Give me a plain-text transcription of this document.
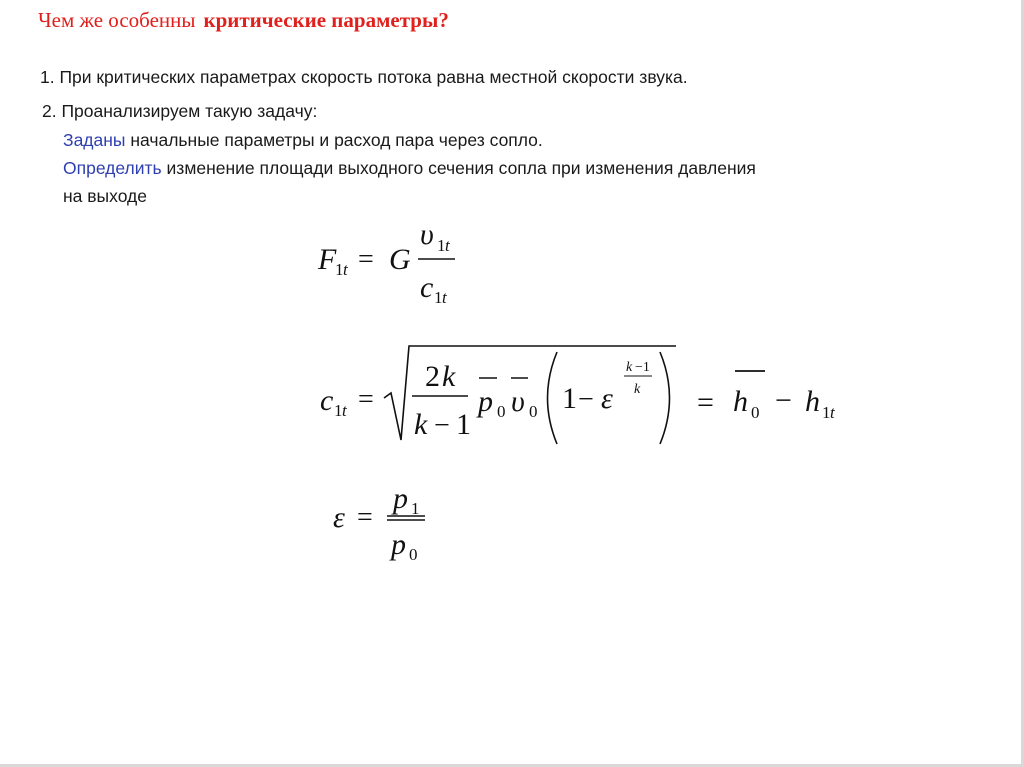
Чем же особенны критические параметры?
1. При критических параметрах скорость потока равна местной скорости звука.
2. Проанализируем такую задачу:
Заданы начальные параметры и расход пара через сопло.
Определить изменение площади выходного сечения сопла при изменения давления
на выходе
F
1 t = G
υ 1 t
c 1 t
c 1 t =
2 k
k − 1
p 0 υ 0 1 − ε
k −1
k = h 0 − h 1 t
ε =
p 1
p 0
